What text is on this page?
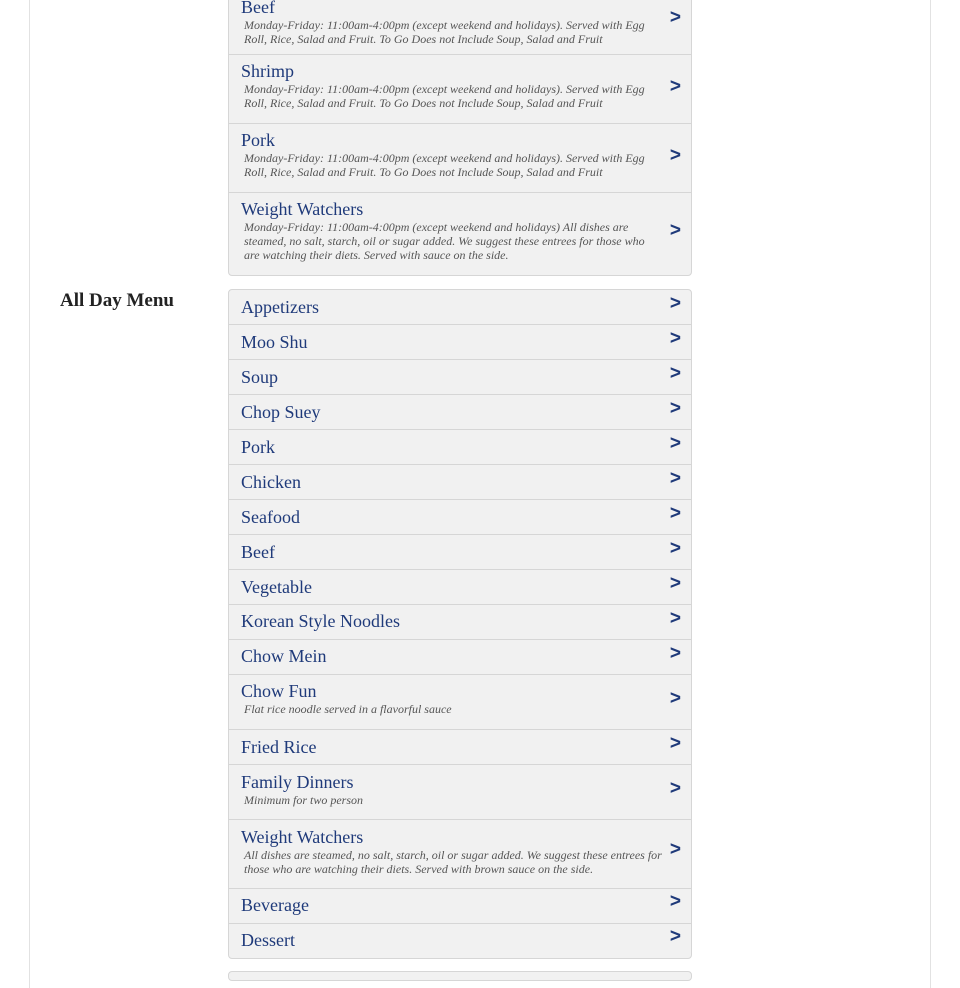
Beef
Monday-Friday: 11:00am-4:00pm (except weekend and holidays). Served with Egg Roll, Rice, Salad and Fruit. To Go Does not Include Soup, Salad and Fruit
>
Shrimp
Monday-Friday: 11:00am-4:00pm (except weekend and holidays). Served with Egg Roll, Rice, Salad and Fruit. To Go Does not Include Soup, Salad and Fruit
>
Pork
Monday-Friday: 11:00am-4:00pm (except weekend and holidays). Served with Egg Roll, Rice, Salad and Fruit. To Go Does not Include Soup, Salad and Fruit
>
Weight Watchers
Monday-Friday: 11:00am-4:00pm (except weekend and holidays) All dishes are steamed, no salt, starch, oil or sugar added. We suggest these entrees for those who are watching their diets. Served with sauce on the side.
>
All Day Menu	Appetizers	>
Moo Shu	>
Soup	>
Chop Suey	>
Pork	>
Chicken	>
Seafood	>
Beef	>
Vegetable	>
Korean Style Noodles	>
Chow Mein	>
Chow Fun
Flat rice noodle served in a flavorful sauce	>
Fried Rice	>
Family Dinners
Minimum for two person
>
Weight Watchers
All dishes are steamed, no salt, starch, oil or sugar added. We suggest these entrees for those who are watching their diets. Served with brown sauce on the side.
>
Beverage	>
Dessert	>
